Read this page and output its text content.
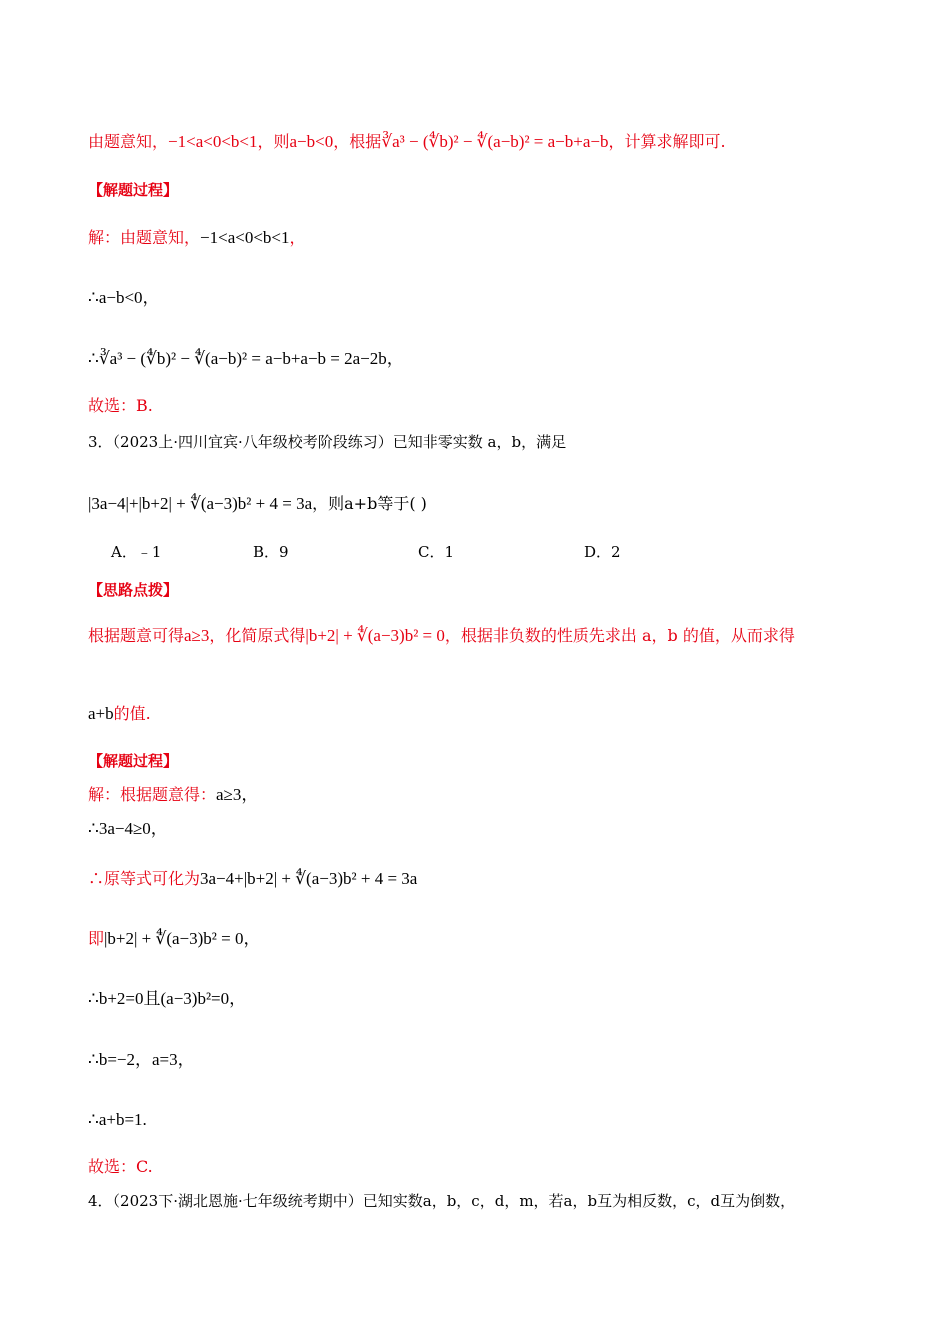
由题意知，−1<a<0<b<1，则a−b<0，根据∛a³ − (∜b)² − ∜(a−b)² = a−b+a−b，计算求解即可.
【解题过程】
解：由题意知，−1<a<0<b<1，
∴a−b<0，
∴∛a³ − (∜b)² − ∜(a−b)² = a−b+a−b = 2a−2b，
故选：B.
3．（2023上·四川宜宾·八年级校考阶段练习）已知非零实数 a，b，满足
|3a−4|+|b+2| + ∜(a−3)b² + 4 = 3a，则a+b等于( )
A．﹣1	B．9	C．1	D．2
【思路点拨】
根据题意可得a≥3，化简原式得|b+2| + ∜(a−3)b² = 0，根据非负数的性质先求出 a，b 的值，从而求得
a+b的值.
【解题过程】
解：根据题意得：a≥3，
∴3a−4≥0，
∴原等式可化为3a−4+|b+2| + ∜(a−3)b² + 4 = 3a
即|b+2| + ∜(a−3)b² = 0，
∴b+2=0且(a−3)b²=0，
∴b=−2，a=3，
∴a+b=1.
故选：C.
4．（2023下·湖北恩施·七年级统考期中）已知实数a，b，c，d，m，若a，b互为相反数，c，d互为倒数，
